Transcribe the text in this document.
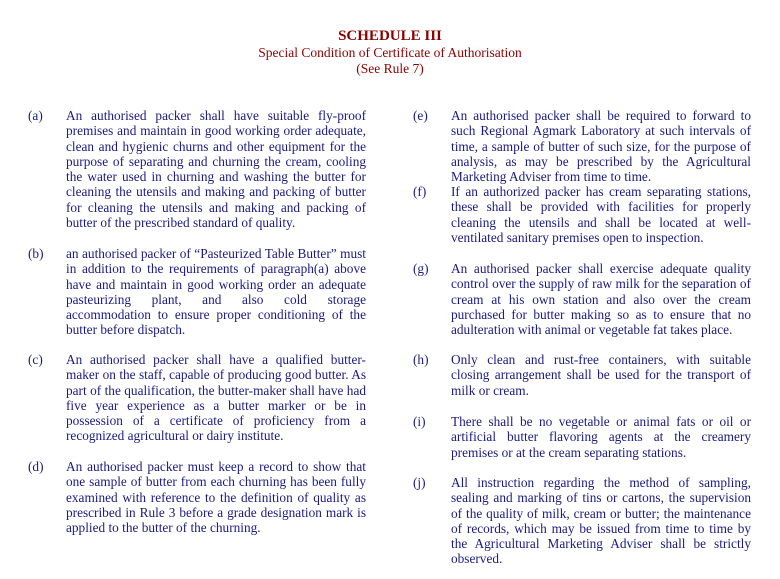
SCHEDULE III
Special Condition of Certificate of Authorisation
(See Rule 7)
(a) An authorised packer shall have suitable fly-proof premises and maintain in good working order adequate, clean and hygienic churns and other equipment for the purpose of separating and churning the cream, cooling the water used in churning and washing the butter for cleaning the utensils and making and packing of butter for cleaning the utensils and making and packing of butter of the prescribed standard of quality.
(b) an authorised packer of “Pasteurized Table Butter” must in addition to the requirements of paragraph(a) above have and maintain in good working order an adequate pasteurizing plant, and also cold storage accommodation to ensure proper conditioning of the butter before dispatch.
(c) An authorised packer shall have a qualified butter-maker on the staff, capable of producing good butter. As part of the qualification, the butter-maker shall have had five year experience as a butter marker or be in possession of a certificate of proficiency from a recognized agricultural or dairy institute.
(d) An authorised packer must keep a record to show that one sample of butter from each churning has been fully examined with reference to the definition of quality as prescribed in Rule 3 before a grade designation mark is applied to the butter of the churning.
(e) An authorised packer shall be required to forward to such Regional Agmark Laboratory at such intervals of time, a sample of butter of such size, for the purpose of analysis, as may be prescribed by the Agricultural Marketing Adviser from time to time.
(f) If an authorized packer has cream separating stations, these shall be provided with facilities for properly cleaning the utensils and shall be located at well-ventilated sanitary premises open to inspection.
(g) An authorised packer shall exercise adequate quality control over the supply of raw milk for the separation of cream at his own station and also over the cream purchased for butter making so as to ensure that no adulteration with animal or vegetable fat takes place.
(h) Only clean and rust-free containers, with suitable closing arrangement shall be used for the transport of milk or cream.
(i) There shall be no vegetable or animal fats or oil or artificial butter flavoring agents at the creamery premises or at the cream separating stations.
(j) All instruction regarding the method of sampling, sealing and marking of tins or cartons, the supervision of the quality of milk, cream or butter; the maintenance of records, which may be issued from time to time by the Agricultural Marketing Adviser shall be strictly observed.
